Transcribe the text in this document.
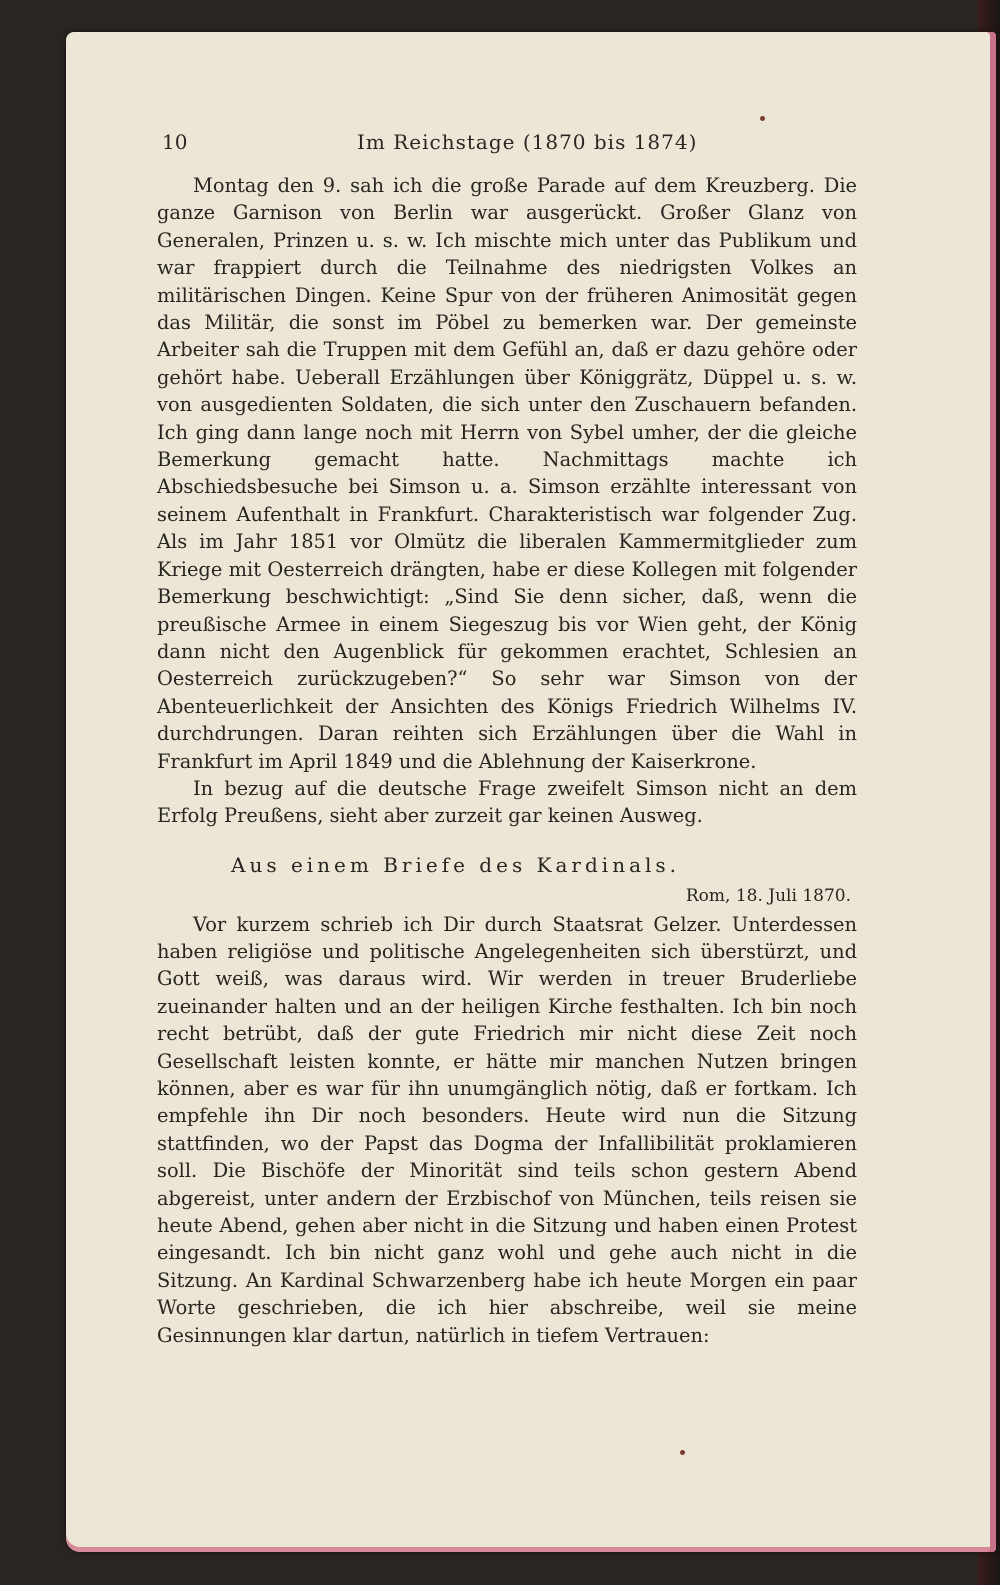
10	Im Reichstage (1870 bis 1874)

Montag den 9. sah ich die große Parade auf dem Kreuzberg. Die ganze Garnison von Berlin war ausgerückt. Großer Glanz von Generalen, Prinzen u. s. w. Ich mischte mich unter das Publikum und war frappiert durch die Teilnahme des niedrigsten Volkes an militärischen Dingen. Keine Spur von der früheren Animosität gegen das Militär, die sonst im Pöbel zu bemerken war. Der gemeinste Arbeiter sah die Truppen mit dem Gefühl an, daß er dazu gehöre oder gehört habe. Ueberall Erzählungen über Königgrätz, Düppel u. s. w. von ausgedienten Soldaten, die sich unter den Zuschauern befanden. Ich ging dann lange noch mit Herrn von Sybel umher, der die gleiche Bemerkung gemacht hatte. Nachmittags machte ich Abschiedsbesuche bei Simson u. a. Simson erzählte interessant von seinem Aufenthalt in Frankfurt. Charakteristisch war folgender Zug. Als im Jahr 1851 vor Olmütz die liberalen Kammermitglieder zum Kriege mit Oesterreich drängten, habe er diese Kollegen mit folgender Bemerkung beschwichtigt: „Sind Sie denn sicher, daß, wenn die preußische Armee in einem Siegeszug bis vor Wien geht, der König dann nicht den Augenblick für gekommen erachtet, Schlesien an Oesterreich zurückzugeben?“ So sehr war Simson von der Abenteuerlichkeit der Ansichten des Königs Friedrich Wilhelms IV. durchdrungen. Daran reihten sich Erzählungen über die Wahl in Frankfurt im April 1849 und die Ablehnung der Kaiserkrone.

In bezug auf die deutsche Frage zweifelt Simson nicht an dem Erfolg Preußens, sieht aber zurzeit gar keinen Ausweg.

Aus einem Briefe des Kardinals.

Rom, 18. Juli 1870.

Vor kurzem schrieb ich Dir durch Staatsrat Gelzer. Unterdessen haben religiöse und politische Angelegenheiten sich überstürzt, und Gott weiß, was daraus wird. Wir werden in treuer Bruderliebe zueinander halten und an der heiligen Kirche festhalten. Ich bin noch recht betrübt, daß der gute Friedrich mir nicht diese Zeit noch Gesellschaft leisten konnte, er hätte mir manchen Nutzen bringen können, aber es war für ihn unumgänglich nötig, daß er fortkam. Ich empfehle ihn Dir noch besonders. Heute wird nun die Sitzung stattfinden, wo der Papst das Dogma der Infallibilität proklamieren soll. Die Bischöfe der Minorität sind teils schon gestern Abend abgereist, unter andern der Erzbischof von München, teils reisen sie heute Abend, gehen aber nicht in die Sitzung und haben einen Protest eingesandt. Ich bin nicht ganz wohl und gehe auch nicht in die Sitzung. An Kardinal Schwarzenberg habe ich heute Morgen ein paar Worte geschrieben, die ich hier abschreibe, weil sie meine Gesinnungen klar dartun, natürlich in tiefem Vertrauen:
